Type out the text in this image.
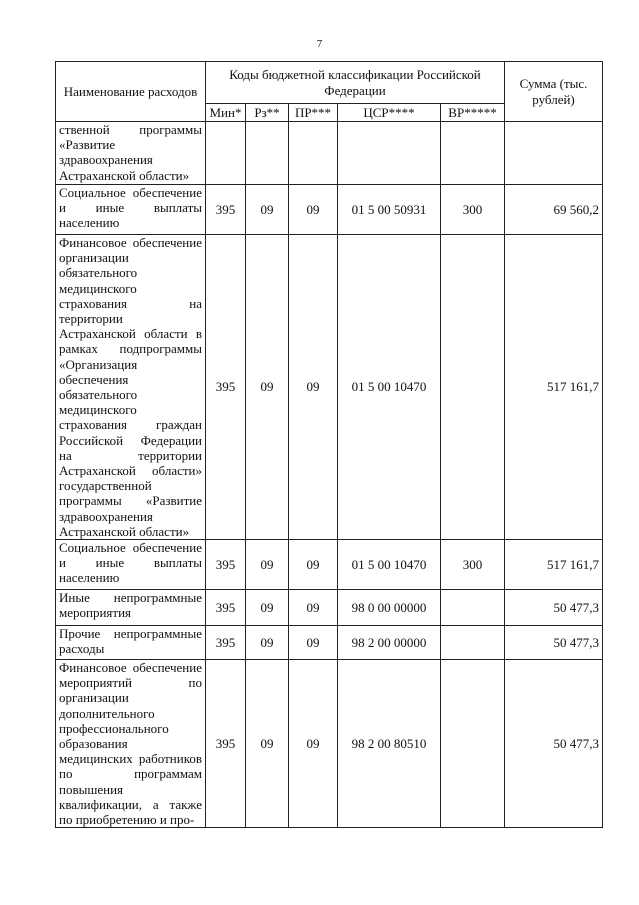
7
Наименование расходов	Коды бюджетной классификации Российской Федерации					Сумма (тыс. рублей)
	Мин*	Рз**	ПР***	ЦСР****	ВР*****	
ственной программы «Развитие здравоохранения Астраханской области»						
Социальное обеспечение и иные выплаты населению	395	09	09	01 5 00 50931	300	69 560,2
Финансовое обеспечение организации обязательного медицинского страхования на территории Астраханской области в рамках подпрограммы «Организация обеспечения обязательного медицинского страхования граждан Российской Федерации на территории Астраханской области» государственной программы «Развитие здравоохранения Астраханской области»	395	09	09	01 5 00 10470		517 161,7
Социальное обеспечение и иные выплаты населению	395	09	09	01 5 00 10470	300	517 161,7
Иные непрограммные мероприятия	395	09	09	98 0 00 00000		50 477,3
Прочие непрограммные расходы	395	09	09	98 2 00 00000		50 477,3
Финансовое обеспечение мероприятий по организации дополнительного профессионального образования медицинских работников по программам повышения квалификации, а также по приобретению и про-	395	09	09	98 2 00 80510		50 477,3
